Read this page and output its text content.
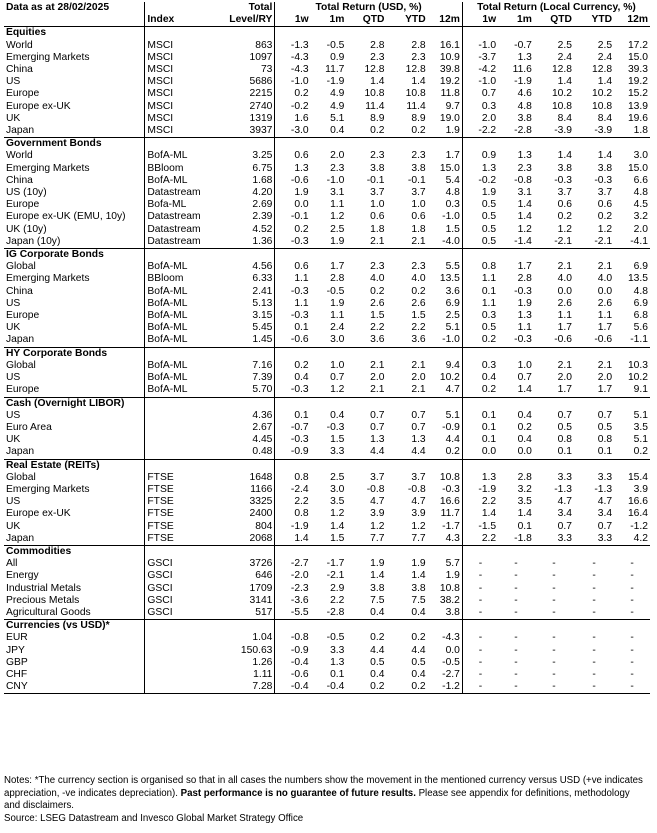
Data as at 28/02/2025		Total	Total Return (USD, %)					Total Return (Local Currency, %)				
	Index	Level/RY	1w	1m	QTD	YTD	12m	1w	1m	QTD	YTD	12m
Equities												
World	MSCI	863	-1.3	-0.5	2.8	2.8	16.1	-1.0	-0.7	2.5	2.5	17.2
Emerging Markets	MSCI	1097	-4.3	0.9	2.3	2.3	10.9	-3.7	1.3	2.4	2.4	15.0
China	MSCI	73	-4.3	11.7	12.8	12.8	39.8	-4.2	11.6	12.8	12.8	39.3
US	MSCI	5686	-1.0	-1.9	1.4	1.4	19.2	-1.0	-1.9	1.4	1.4	19.2
Europe	MSCI	2215	0.2	4.9	10.8	10.8	11.8	0.7	4.6	10.2	10.2	15.2
Europe ex-UK	MSCI	2740	-0.2	4.9	11.4	11.4	9.7	0.3	4.8	10.8	10.8	13.9
UK	MSCI	1319	1.6	5.1	8.9	8.9	19.0	2.0	3.8	8.4	8.4	19.6
Japan	MSCI	3937	-3.0	0.4	0.2	0.2	1.9	-2.2	-2.8	-3.9	-3.9	1.8
Government Bonds												
World	BofA-ML	3.25	0.6	2.0	2.3	2.3	1.7	0.9	1.3	1.4	1.4	3.0
Emerging Markets	BBloom	6.75	1.3	2.3	3.8	3.8	15.0	1.3	2.3	3.8	3.8	15.0
China	BofA-ML	1.68	-0.6	-1.0	-0.1	-0.1	5.4	-0.2	-0.8	-0.3	-0.3	6.6
US (10y)	Datastream	4.20	1.9	3.1	3.7	3.7	4.8	1.9	3.1	3.7	3.7	4.8
Europe	Bofa-ML	2.69	0.0	1.1	1.0	1.0	0.3	0.5	1.4	0.6	0.6	4.5
Europe ex-UK (EMU, 10y)	Datastream	2.39	-0.1	1.2	0.6	0.6	-1.0	0.5	1.4	0.2	0.2	3.2
UK (10y)	Datastream	4.52	0.2	2.5	1.8	1.8	1.5	0.5	1.2	1.2	1.2	2.0
Japan (10y)	Datastream	1.36	-0.3	1.9	2.1	2.1	-4.0	0.5	-1.4	-2.1	-2.1	-4.1
IG Corporate Bonds												
Global	BofA-ML	4.56	0.6	1.7	2.3	2.3	5.5	0.8	1.7	2.1	2.1	6.9
Emerging Markets	BBloom	6.33	1.1	2.8	4.0	4.0	13.5	1.1	2.8	4.0	4.0	13.5
China	BofA-ML	2.41	-0.3	-0.5	0.2	0.2	3.6	0.1	-0.3	0.0	0.0	4.8
US	BofA-ML	5.13	1.1	1.9	2.6	2.6	6.9	1.1	1.9	2.6	2.6	6.9
Europe	BofA-ML	3.15	-0.3	1.1	1.5	1.5	2.5	0.3	1.3	1.1	1.1	6.8
UK	BofA-ML	5.45	0.1	2.4	2.2	2.2	5.1	0.5	1.1	1.7	1.7	5.6
Japan	BofA-ML	1.45	-0.6	3.0	3.6	3.6	-1.0	0.2	-0.3	-0.6	-0.6	-1.1
HY Corporate Bonds												
Global	BofA-ML	7.16	0.2	1.0	2.1	2.1	9.4	0.3	1.0	2.1	2.1	10.3
US	BofA-ML	7.39	0.4	0.7	2.0	2.0	10.2	0.4	0.7	2.0	2.0	10.2
Europe	BofA-ML	5.70	-0.3	1.2	2.1	2.1	4.7	0.2	1.4	1.7	1.7	9.1
Cash (Overnight LIBOR)												
US		4.36	0.1	0.4	0.7	0.7	5.1	0.1	0.4	0.7	0.7	5.1
Euro Area		2.67	-0.7	-0.3	0.7	0.7	-0.9	0.1	0.2	0.5	0.5	3.5
UK		4.45	-0.3	1.5	1.3	1.3	4.4	0.1	0.4	0.8	0.8	5.1
Japan		0.48	-0.9	3.3	4.4	4.4	0.2	0.0	0.0	0.1	0.1	0.2
Real Estate (REITs)												
Global	FTSE	1648	0.8	2.5	3.7	3.7	10.8	1.3	2.8	3.3	3.3	15.4
Emerging Markets	FTSE	1166	-2.4	3.0	-0.8	-0.8	-0.3	-1.9	3.2	-1.3	-1.3	3.9
US	FTSE	3325	2.2	3.5	4.7	4.7	16.6	2.2	3.5	4.7	4.7	16.6
Europe ex-UK	FTSE	2400	0.8	1.2	3.9	3.9	11.7	1.4	1.4	3.4	3.4	16.4
UK	FTSE	804	-1.9	1.4	1.2	1.2	-1.7	-1.5	0.1	0.7	0.7	-1.2
Japan	FTSE	2068	1.4	1.5	7.7	7.7	4.3	2.2	-1.8	3.3	3.3	4.2
Commodities												
All	GSCI	3726	-2.7	-1.7	1.9	1.9	5.7	-	-	-	-	-
Energy	GSCI	646	-2.0	-2.1	1.4	1.4	1.9	-	-	-	-	-
Industrial Metals	GSCI	1709	-2.3	2.9	3.8	3.8	10.8	-	-	-	-	-
Precious Metals	GSCI	3141	-3.6	2.2	7.5	7.5	38.2	-	-	-	-	-
Agricultural Goods	GSCI	517	-5.5	-2.8	0.4	0.4	3.8	-	-	-	-	-
Currencies (vs USD)*												
EUR		1.04	-0.8	-0.5	0.2	0.2	-4.3	-	-	-	-	-
JPY		150.63	-0.9	3.3	4.4	4.4	0.0	-	-	-	-	-
GBP		1.26	-0.4	1.3	0.5	0.5	-0.5	-	-	-	-	-
CHF		1.11	-0.6	0.1	0.4	0.4	-2.7	-	-	-	-	-
CNY		7.28	-0.4	-0.4	0.2	0.2	-1.2	-	-	-	-	-
Notes: *The currency section is organised so that in all cases the numbers show the movement in the mentioned currency versus USD (+ve indicates appreciation, -ve indicates depreciation). Past performance is no guarantee of future results. Please see appendix for definitions, methodology and disclaimers.
Source: LSEG Datastream and Invesco Global Market Strategy Office
